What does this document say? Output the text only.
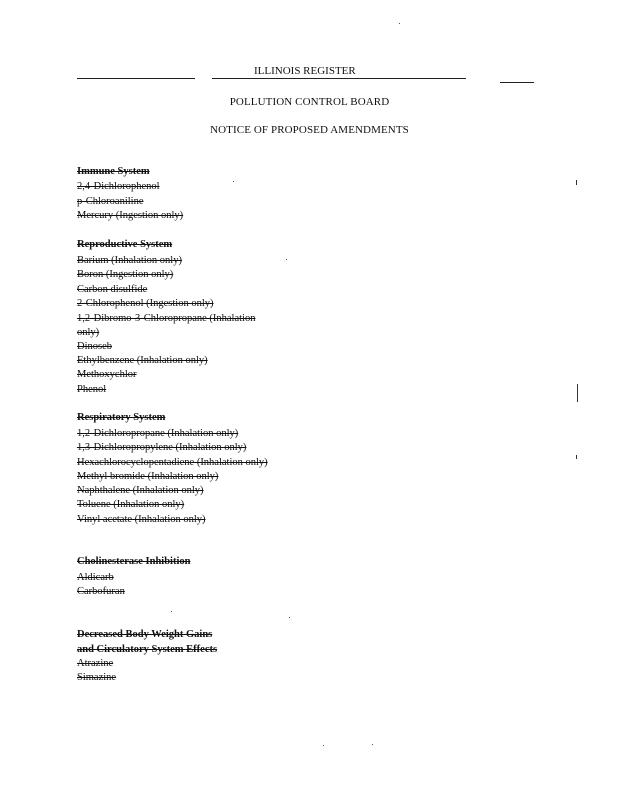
ILLINOIS REGISTER
POLLUTION CONTROL BOARD
NOTICE OF PROPOSED AMENDMENTS
Immune System
2,4-Dichlorophenol
p-Chloroaniline
Mercury (Ingestion only)
Reproductive System
Barium (Inhalation only)
Boron (Ingestion only)
Carbon disulfide
2-Chlorophenol (Ingestion only)
1,2-Dibromo-3-Chloropropane (Inhalation
only)
Dinoseb
Ethylbenzene (Inhalation only)
Methoxychlor
Phenol
Respiratory System
1,2-Dichloropropane (Inhalation only)
1,3-Dichloropropylene (Inhalation only)
Hexachlorocyclopentadiene (Inhalation only)
Methyl bromide (Inhalation only)
Naphthalene (Inhalation only)
Toluene (Inhalation only)
Vinyl acetate (Inhalation only)
Cholinesterase Inhibition
Aldicarb
Carbofuran
Decreased Body Weight Gains
and Circulatory System Effects
Atrazine
Simazine
